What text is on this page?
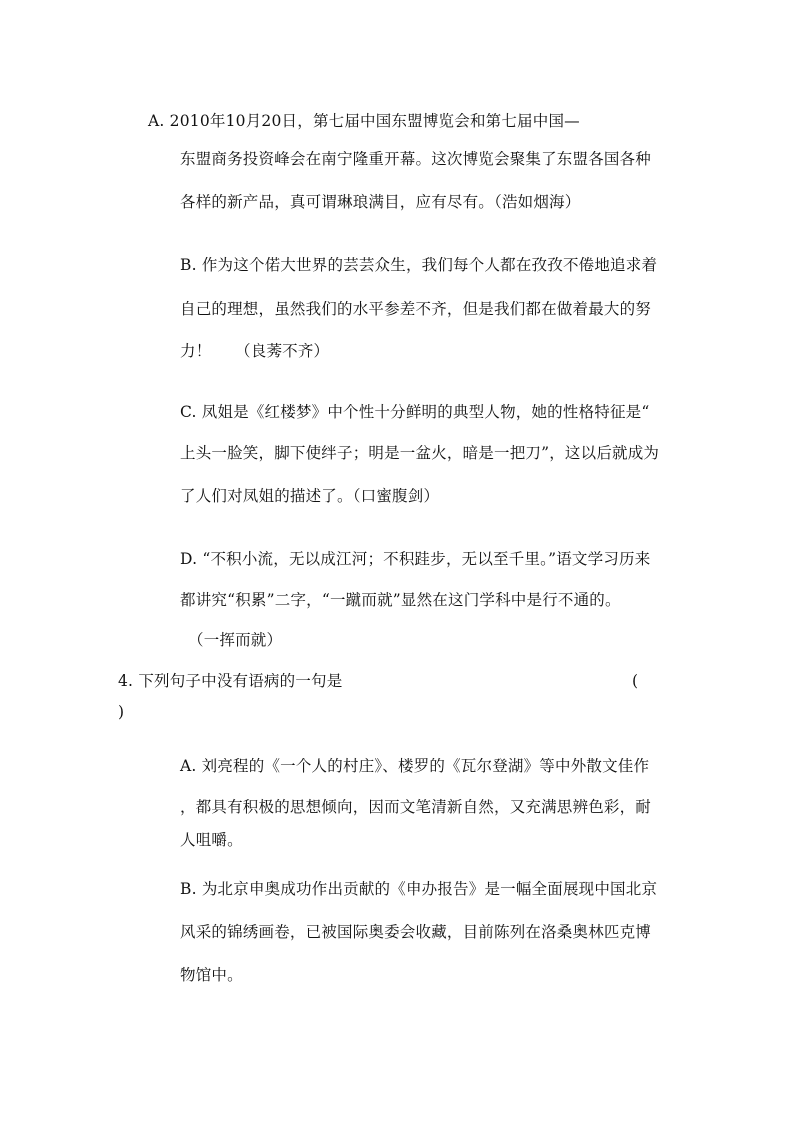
A. 2010年10月20日，第七届中国东盟博览会和第七届中国—
东盟商务投资峰会在南宁隆重开幕。这次博览会聚集了东盟各国各种
各样的新产品，真可谓琳琅满目，应有尽有。（浩如烟海）
B. 作为这个偌大世界的芸芸众生，我们每个人都在孜孜不倦地追求着
自己的理想，虽然我们的水平参差不齐，但是我们都在做着最大的努
力！　　（良莠不齐）
C. 凤姐是《红楼梦》中个性十分鲜明的典型人物，她的性格特征是“
上头一脸笑，脚下使绊子；明是一盆火，暗是一把刀”，这以后就成为
了人们对凤姐的描述了。（口蜜腹剑）
D. “不积小流，无以成江河；不积跬步，无以至千里。”语文学习历来
都讲究“积累”二字，“一蹴而就”显然在这门学科中是行不通的。
（一挥而就）
4. 下列句子中没有语病的一句是	(
)
A. 刘亮程的《一个人的村庄》、楼罗的《瓦尔登湖》等中外散文佳作
，都具有积极的思想倾向，因而文笔清新自然，又充满思辨色彩，耐
人咀嚼。
B. 为北京申奥成功作出贡献的《申办报告》是一幅全面展现中国北京
风采的锦绣画卷，已被国际奥委会收藏，目前陈列在洛桑奥林匹克博
物馆中。
